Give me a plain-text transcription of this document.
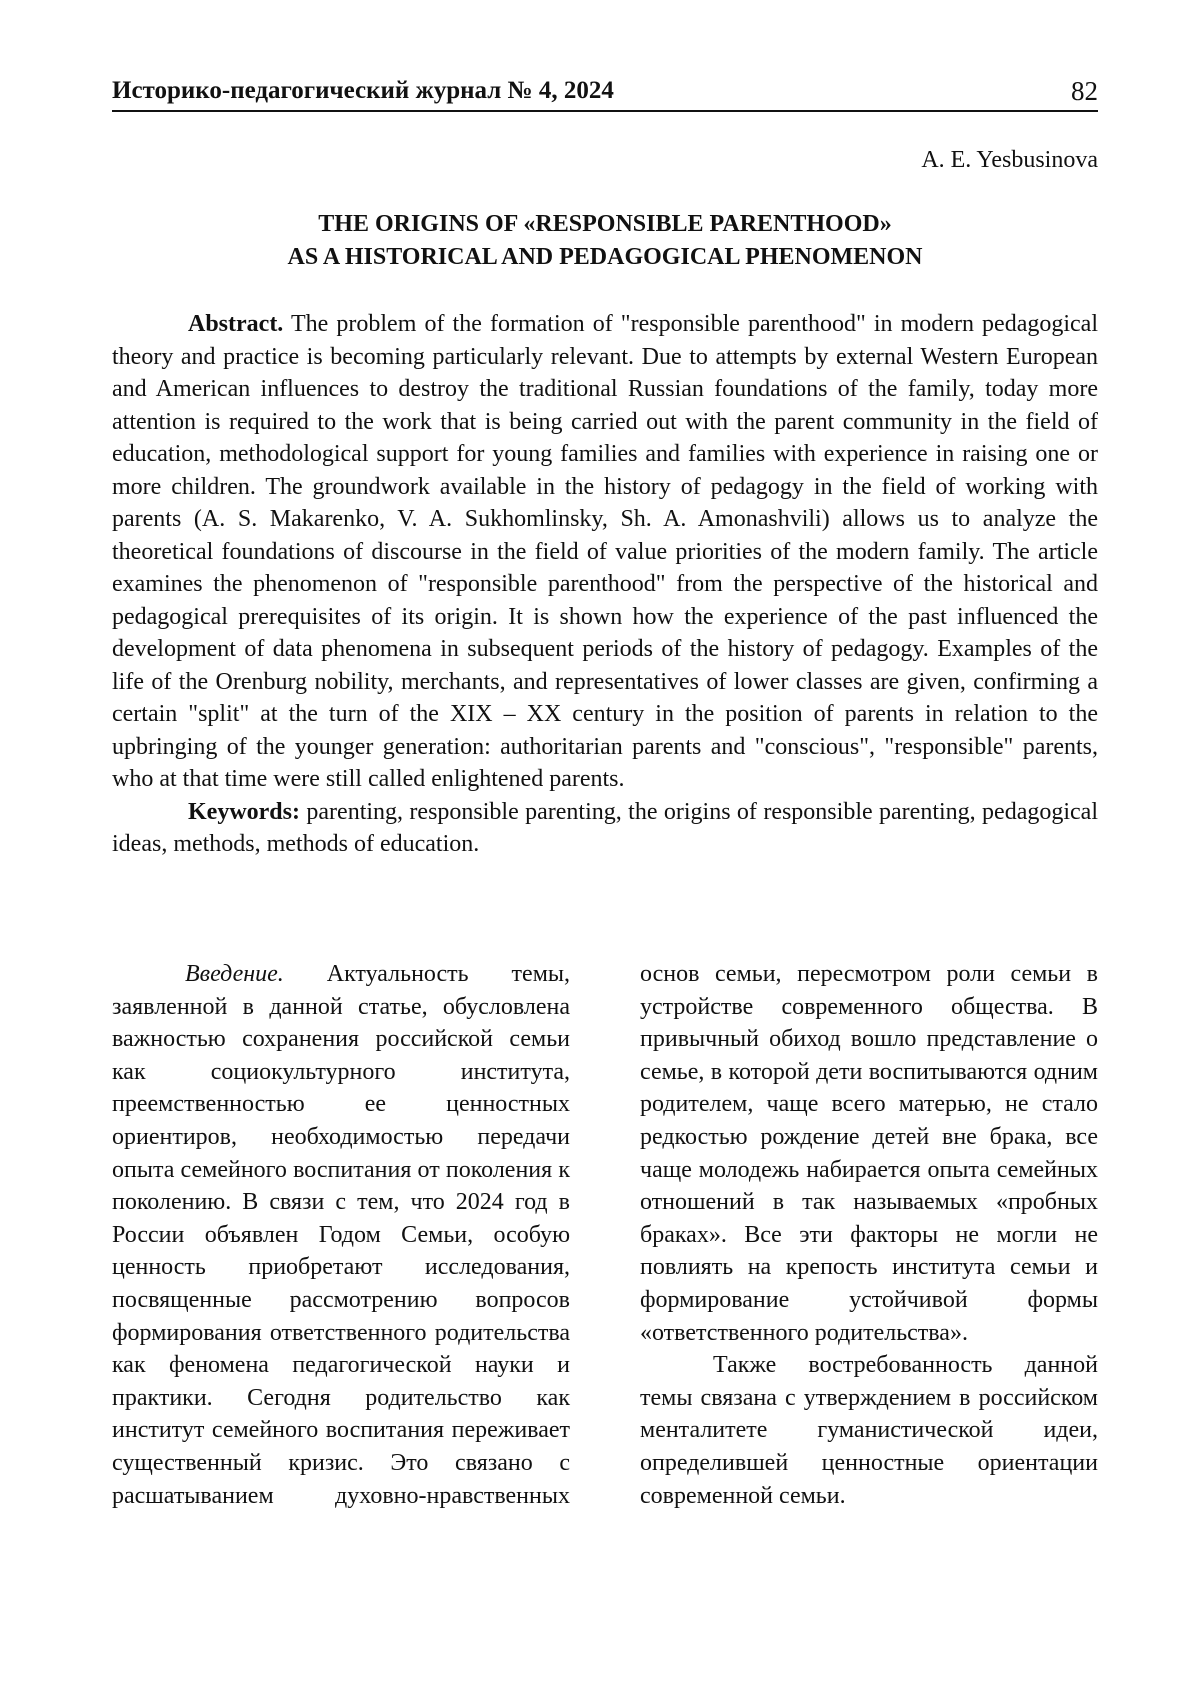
Историко-педагогический журнал № 4, 2024	82
A. E. Yesbusinova
THE ORIGINS OF «RESPONSIBLE PARENTHOOD»
AS A HISTORICAL AND PEDAGOGICAL PHENOMENON

Abstract. The problem of the formation of "responsible parenthood" in modern pedagogical theory and practice is becoming particularly relevant. Due to attempts by external Western European and American influences to destroy the traditional Russian foundations of the family, today more attention is required to the work that is being carried out with the parent community in the field of education, methodological support for young families and families with experience in raising one or more children. The groundwork available in the history of pedagogy in the field of working with parents (A. S. Makarenko, V. A. Sukhomlinsky, Sh. A. Amonashvili) allows us to analyze the theoretical foundations of discourse in the field of value priorities of the modern family. The article examines the phenomenon of "responsible parenthood" from the perspective of the historical and pedagogical prerequisites of its origin. It is shown how the experience of the past influenced the development of data phenomena in subsequent periods of the history of pedagogy. Examples of the life of the Orenburg nobility, merchants, and representatives of lower classes are given, confirming a certain "split" at the turn of the XIX – XX century in the position of parents in relation to the upbringing of the younger generation: authoritarian parents and "conscious", "responsible" parents, who at that time were still called enlightened parents.

Keywords: parenting, responsible parenting, the origins of responsible parenting, pedagogical ideas, methods, methods of education.

Введение. Актуальность темы, заявленной в данной статье, обусловлена важностью сохранения российской семьи как социокультурного института, преемственностью ее ценностных ориентиров, необходимостью передачи опыта семейного воспитания от поколения к поколению. В связи с тем, что 2024 год в России объявлен Годом Семьи, особую ценность приобретают исследования, посвященные рассмотрению вопросов формирования ответственного родительства как феномена педагогической науки и практики. Сегодня родительство как институт семейного воспитания переживает существенный кризис. Это связано с расшатыванием духовно-нравственных

основ семьи, пересмотром роли семьи в устройстве современного общества. В привычный обиход вошло представление о семье, в которой дети воспитываются одним родителем, чаще всего матерью, не стало редкостью рождение детей вне брака, все чаще молодежь набирается опыта семейных отношений в так называемых «пробных браках». Все эти факторы не могли не повлиять на крепость института семьи и формирование устойчивой формы «ответственного родительства».

Также востребованность данной темы связана с утверждением в российском менталитете гуманистической идеи, определившей ценностные ориентации современной семьи.
